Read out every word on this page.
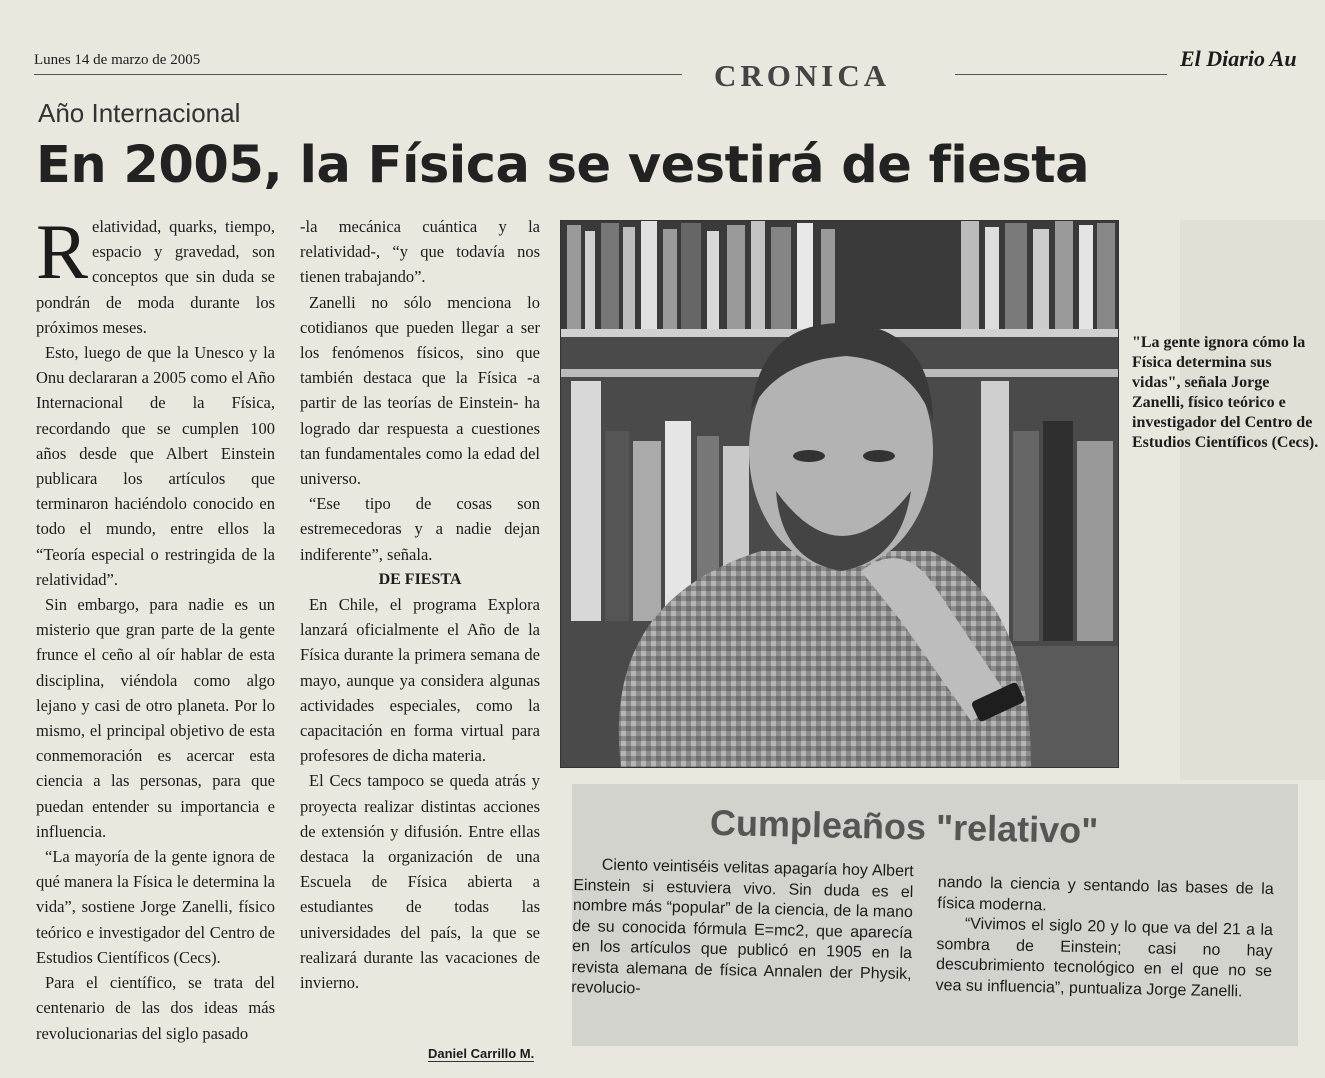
Lunes 14 de marzo de 2005	CRONICA	El Diario Au
Año Internacional
En 2005, la Física se vestirá de fiesta

Relatividad, quarks, tiempo, espacio y gravedad, son conceptos que sin duda se pondrán de moda durante los próximos meses.

Esto, luego de que la Unesco y la Onu declararan a 2005 como el Año Internacional de la Física, recordando que se cumplen 100 años desde que Albert Einstein publicara los artículos que terminaron haciéndolo conocido en todo el mundo, entre ellos la “Teoría especial o restringida de la relatividad”.

Sin embargo, para nadie es un misterio que gran parte de la gente frunce el ceño al oír hablar de esta disciplina, viéndola como algo lejano y casi de otro planeta. Por lo mismo, el principal objetivo de esta conmemoración es acercar esta ciencia a las personas, para que puedan entender su importancia e influencia.

“La mayoría de la gente ignora de qué manera la Física le determina la vida”, sostiene Jorge Zanelli, físico teórico e investigador del Centro de Estudios Científicos (Cecs).

Para el científico, se trata del centenario de las dos ideas más revolucionarias del siglo pasado

-la mecánica cuántica y la relatividad-, “y que todavía nos tienen trabajando”.

Zanelli no sólo menciona lo cotidianos que pueden llegar a ser los fenómenos físicos, sino que también destaca que la Física -a partir de las teorías de Einstein- ha logrado dar respuesta a cuestiones tan fundamentales como la edad del universo.

“Ese tipo de cosas son estremecedoras y a nadie dejan indiferente”, señala.

DE FIESTA

En Chile, el programa Explora lanzará oficialmente el Año de la Física durante la primera semana de mayo, aunque ya considera algunas actividades especiales, como la capacitación en forma virtual para profesores de dicha materia.

El Cecs tampoco se queda atrás y proyecta realizar distintas acciones de extensión y difusión. Entre ellas destaca la organización de una Escuela de Física abierta a estudiantes de todas las universidades del país, la que se realizará durante las vacaciones de invierno.

Daniel Carrillo M.
"La gente ignora cómo la Física determina sus vidas", señala Jorge Zanelli, físico teórico e investigador del Centro de Estudios Científicos (Cecs).
Cumpleaños "relativo"

Ciento veintiséis velitas apagaría hoy Albert Einstein si estuviera vivo. Sin duda es el nombre más “popular” de la ciencia, de la mano de su conocida fórmula E=mc2, que aparecía en los artículos que publicó en 1905 en la revista alemana de física Annalen der Physik, revolucio-

nando la ciencia y sentando las bases de la física moderna.

“Vivimos el siglo 20 y lo que va del 21 a la sombra de Einstein; casi no hay descubrimiento tecnológico en el que no se vea su influencia”, puntualiza Jorge Zanelli.
